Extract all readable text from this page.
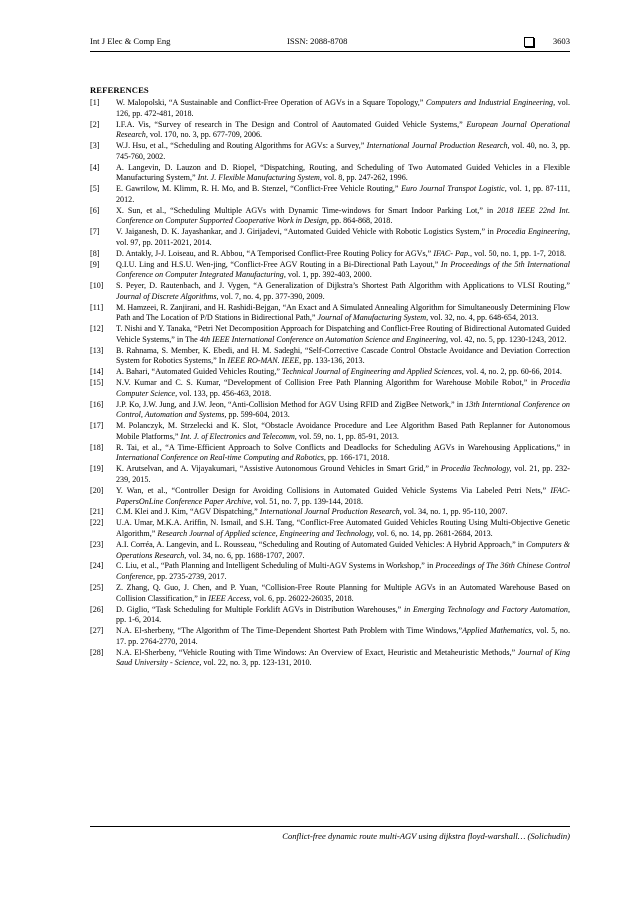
Int J Elec & Comp Eng	ISSN: 2088-8708	3603
REFERENCES
[1] W. Malopolski, “A Sustainable and Conflict-Free Operation of AGVs in a Square Topology,” Computers and Industrial Engineering, vol. 126, pp. 472-481, 2018.
[2] I.F.A. Vis, “Survey of research in The Design and Control of Aautomated Guided Vehicle Systems,” European Journal Operational Research, vol. 170, no. 3, pp. 677-709, 2006.
[3] W.J. Hsu, et al., “Scheduling and Routing Algorithms for AGVs: a Survey,” International Journal Production Research, vol. 40, no. 3, pp. 745-760, 2002.
[4] A. Langevin, D. Lauzon and D. Riopel, “Dispatching, Routing, and Scheduling of Two Automated Guided Vehicles in a Flexible Manufacturing System,” Int. J. Flexible Manufacturing System, vol. 8, pp. 247-262, 1996.
[5] E. Gawrilow, M. Klimm, R. H. Mo, and B. Stenzel, “Conflict-Free Vehicle Routing,” Euro Journal Transpot Logistic, vol. 1, pp. 87-111, 2012.
[6] X. Sun, et al., “Scheduling Multiple AGVs with Dynamic Time-windows for Smart Indoor Parking Lot,” in 2018 IEEE 22nd Int. Conference on Computer Supported Cooperative Work in Design, pp. 864-868, 2018.
[7] V. Jaiganesh, D. K. Jayashankar, and J. Girijadevi, “Automated Guided Vehicle with Robotic Logistics System,” in Procedia Engineering, vol. 97, pp. 2011-2021, 2014.
[8] D. Antakly, J-J. Loiseau, and R. Abbou, “A Temporised Conflict-Free Routing Policy for AGVs,” IFAC- Pap., vol. 50, no. 1, pp. 1-7, 2018.
[9] Q.I.U. Ling and H.S.U. Wen-jing, “Conflict-Free AGV Routing in a Bi-Directional Path Layout,” In Proceedings of the 5th International Conference on Computer Integrated Manufacturing, vol. 1, pp. 392-403, 2000.
[10] S. Peyer, D. Rautenbach, and J. Vygen, “A Generalization of Dijkstra’s Shortest Path Algorithm with Applications to VLSI Routing,” Journal of Discrete Algorithms, vol. 7, no. 4, pp. 377-390, 2009.
[11] M. Hamzeei, R. Zanjirani, and H. Rashidi-Bejgan, “An Exact and A Simulated Annealing Algorithm for Simultaneously Determining Flow Path and The Location of P/D Stations in Bidirectional Path,” Journal of Manufacturing System, vol. 32, no. 4, pp. 648-654, 2013.
[12] T. Nishi and Y. Tanaka, “Petri Net Decomposition Approach for Dispatching and Conflict-Free Routing of Bidirectional Automated Guided Vehicle Systems,” in The 4th IEEE International Conference on Automation Science and Engineering, vol. 42, no. 5, pp. 1230-1243, 2012.
[13] B. Rahnama, S. Member, K. Ebedi, and H. M. Sadeghi, “Self-Corrective Cascade Control Obstacle Avoidance and Deviation Correction System for Robotics Systems,” In IEEE RO-MAN. IEEE, pp. 133-136, 2013.
[14] A. Bahari, “Automated Guided Vehicles Routing,” Technical Journal of Engineering and Applied Sciences, vol. 4, no. 2, pp. 60-66, 2014.
[15] N.V. Kumar and C. S. Kumar, “Development of Collision Free Path Planning Algorithm for Warehouse Mobile Robot,” in Procedia Computer Science, vol. 133, pp. 456-463, 2018.
[16] J.P. Ko, J.W. Jung, and J.W. Jeon, “Anti-Collision Method for AGV Using RFID and ZigBee Network,” in 13th Interntional Conference on Control, Automation and Systems, pp. 599-604, 2013.
[17] M. Polanczyk, M. Strzelecki and K. Slot, “Obstacle Avoidance Procedure and Lee Algorithm Based Path Replanner for Autonomous Mobile Platforms,” Int. J. of Electronics and Telecomm, vol. 59, no. 1, pp. 85-91, 2013.
[18] R. Tai, et al., “A Time-Efficient Approach to Solve Conflicts and Deadlocks for Scheduling AGVs in Warehousing Applications,” in International Conference on Real-time Computing and Robotics, pp. 166-171, 2018.
[19] K. Arutselvan, and A. Vijayakumari, “Assistive Autonomous Ground Vehicles in Smart Grid,” in Procedia Technology, vol. 21, pp. 232-239, 2015.
[20] Y. Wan, et al., “Controller Design for Avoiding Collisions in Automated Guided Vehicle Systems Via Labeled Petri Nets,” IFAC-PapersOnLine Conference Paper Archive, vol. 51, no. 7, pp. 139-144, 2018.
[21] C.M. Klei and J. Kim, “AGV Dispatching,” International Journal Production Research, vol. 34, no. 1, pp. 95-110, 2007.
[22] U.A. Umar, M.K.A. Ariffin, N. Ismail, and S.H. Tang, “Conflict-Free Automated Guided Vehicles Routing Using Multi-Objective Genetic Algorithm,” Research Journal of Applied science, Engineering and Technology, vol. 6, no. 14, pp. 2681-2684, 2013.
[23] A.I. Corréa, A. Langevin, and L. Rousseau, “Scheduling and Routing of Automated Guided Vehicles: A Hybrid Approach,” in Computers & Operations Research, vol. 34, no. 6, pp. 1688-1707, 2007.
[24] C. Liu, et al., “Path Planning and Intelligent Scheduling of Multi-AGV Systems in Workshop,” in Proceedings of The 36th Chinese Control Conference, pp. 2735-2739, 2017.
[25] Z. Zhang, Q. Guo, J. Chen, and P. Yuan, “Collision-Free Route Planning for Multiple AGVs in an Automated Warehouse Based on Collision Classification,” in IEEE Access, vol. 6, pp. 26022-26035, 2018.
[26] D. Giglio, “Task Scheduling for Multiple Forklift AGVs in Distribution Warehouses,” in Emerging Technology and Factory Automation, pp. 1-6, 2014.
[27] N.A. El-sherbeny, “The Algorithm of The Time-Dependent Shortest Path Problem with Time Windows,”Applied Mathematics, vol. 5, no. 17. pp. 2764-2770, 2014.
[28] N.A. El-Sherbeny, “Vehicle Routing with Time Windows: An Overview of Exact, Heuristic and Metaheuristic Methods,” Journal of King Saud University - Science, vol. 22, no. 3, pp. 123-131, 2010.
Conflict-free dynamic route multi-AGV using dijkstra floyd-warshall… (Solichudin)
